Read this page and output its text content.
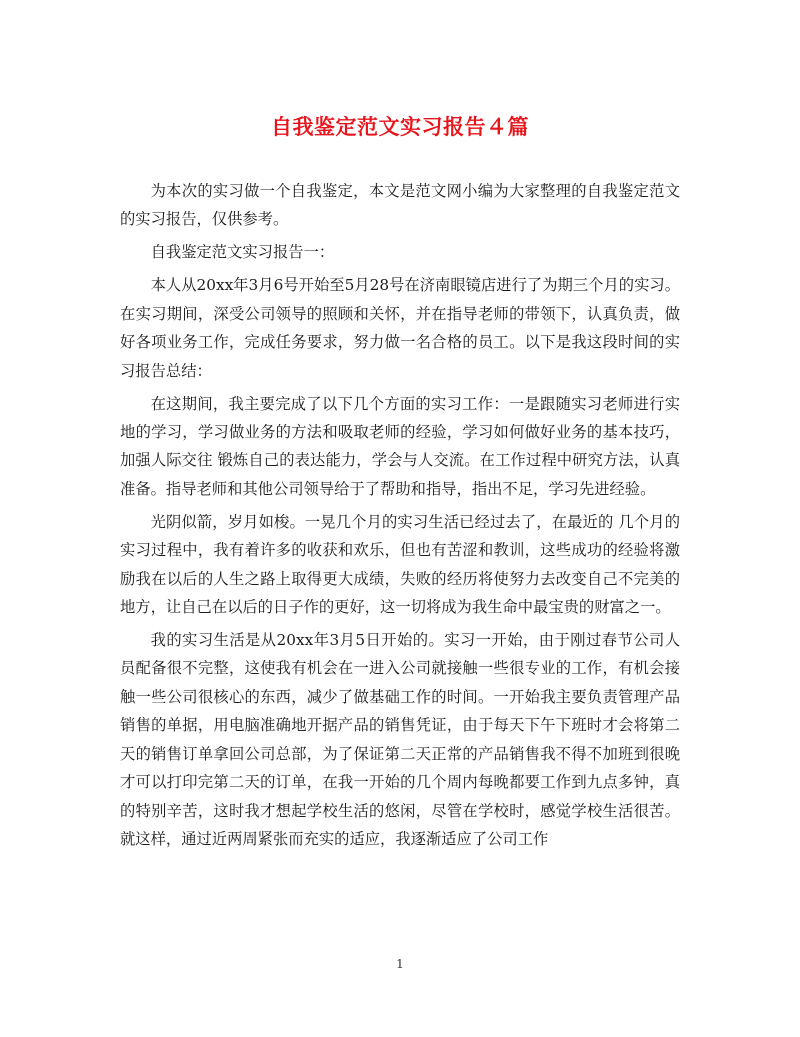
自我鉴定范文实习报告４篇

为本次的实习做一个自我鉴定，本文是范文网小编为大家整理的自我鉴定范文的实习报告，仅供参考。

自我鉴定范文实习报告一：

本人从20xx年3月6号开始至5月28号在济南眼镜店进行了为期三个月的实习。在实习期间，深受公司领导的照顾和关怀，并在指导老师的带领下，认真负责，做好各项业务工作，完成任务要求，努力做一名合格的员工。以下是我这段时间的实习报告总结：

在这期间，我主要完成了以下几个方面的实习工作：一是跟随实习老师进行实地的学习，学习做业务的方法和吸取老师的经验，学习如何做好业务的基本技巧，加强人际交往 锻炼自己的表达能力，学会与人交流。在工作过程中研究方法，认真准备。指导老师和其他公司领导给于了帮助和指导，指出不足，学习先进经验。

光阴似箭，岁月如梭。一晃几个月的实习生活已经过去了，在最近的 几个月的实习过程中，我有着许多的收获和欢乐，但也有苦涩和教训，这些成功的经验将激励我在以后的人生之路上取得更大成绩，失败的经历将使努力去改变自己不完美的地方，让自己在以后的日子作的更好，这一切将成为我生命中最宝贵的财富之一。

我的实习生活是从20xx年3月5日开始的。实习一开始，由于刚过春节公司人员配备很不完整，这使我有机会在一进入公司就接触一些很专业的工作，有机会接触一些公司很核心的东西，减少了做基础工作的时间。一开始我主要负责管理产品销售的单据，用电脑准确地开据产品的销售凭证，由于每天下午下班时才会将第二天的销售订单拿回公司总部，为了保证第二天正常的产品销售我不得不加班到很晚才可以打印完第二天的订单，在我一开始的几个周内每晚都要工作到九点多钟，真的特别辛苦，这时我才想起学校生活的悠闲，尽管在学校时，感觉学校生活很苦。就这样，通过近两周紧张而充实的适应，我逐渐适应了公司工作

1
